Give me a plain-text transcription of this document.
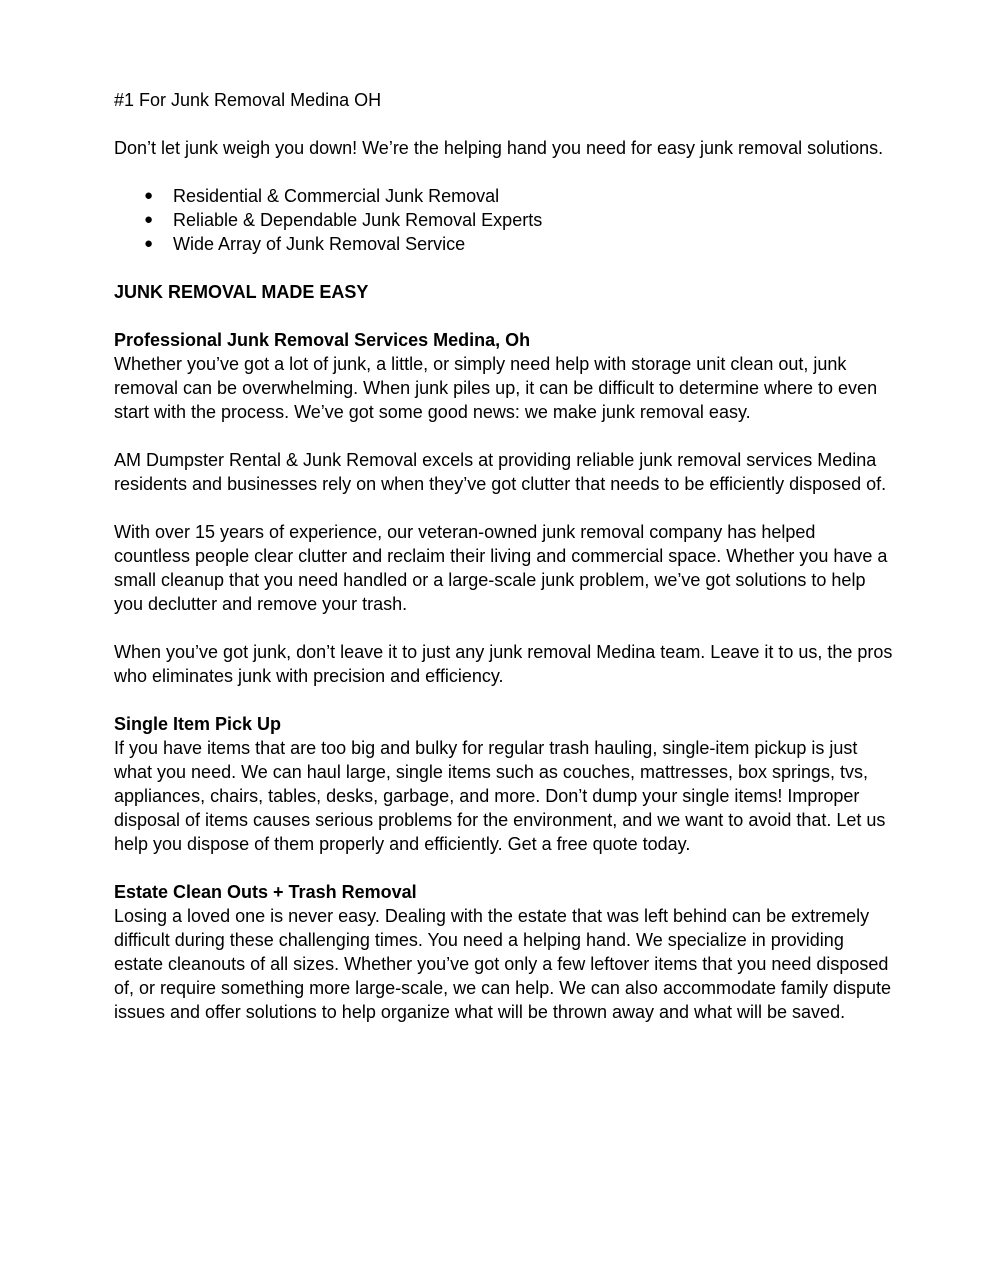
#1 For Junk Removal Medina OH

Don’t let junk weigh you down! We’re the helping hand you need for easy junk removal solutions.

● Residential & Commercial Junk Removal
● Reliable & Dependable Junk Removal Experts
● Wide Array of Junk Removal Service

JUNK REMOVAL MADE EASY

Professional Junk Removal Services Medina, Oh

Whether you’ve got a lot of junk, a little, or simply need help with storage unit clean out, junk removal can be overwhelming. When junk piles up, it can be difficult to determine where to even start with the process. We’ve got some good news: we make junk removal easy.

AM Dumpster Rental & Junk Removal excels at providing reliable junk removal services Medina residents and businesses rely on when they’ve got clutter that needs to be efficiently disposed of.

With over 15 years of experience, our veteran-owned junk removal company has helped countless people clear clutter and reclaim their living and commercial space. Whether you have a small cleanup that you need handled or a large-scale junk problem, we’ve got solutions to help you declutter and remove your trash.

When you’ve got junk, don’t leave it to just any junk removal Medina team. Leave it to us, the pros who eliminates junk with precision and efficiency.

Single Item Pick Up

If you have items that are too big and bulky for regular trash hauling, single-item pickup is just what you need. We can haul large, single items such as couches, mattresses, box springs, tvs, appliances, chairs, tables, desks, garbage, and more. Don’t dump your single items! Improper disposal of items causes serious problems for the environment, and we want to avoid that. Let us help you dispose of them properly and efficiently. Get a free quote today.

Estate Clean Outs + Trash Removal

Losing a loved one is never easy. Dealing with the estate that was left behind can be extremely difficult during these challenging times. You need a helping hand. We specialize in providing estate cleanouts of all sizes. Whether you’ve got only a few leftover items that you need disposed of, or require something more large-scale, we can help. We can also accommodate family dispute issues and offer solutions to help organize what will be thrown away and what will be saved.
